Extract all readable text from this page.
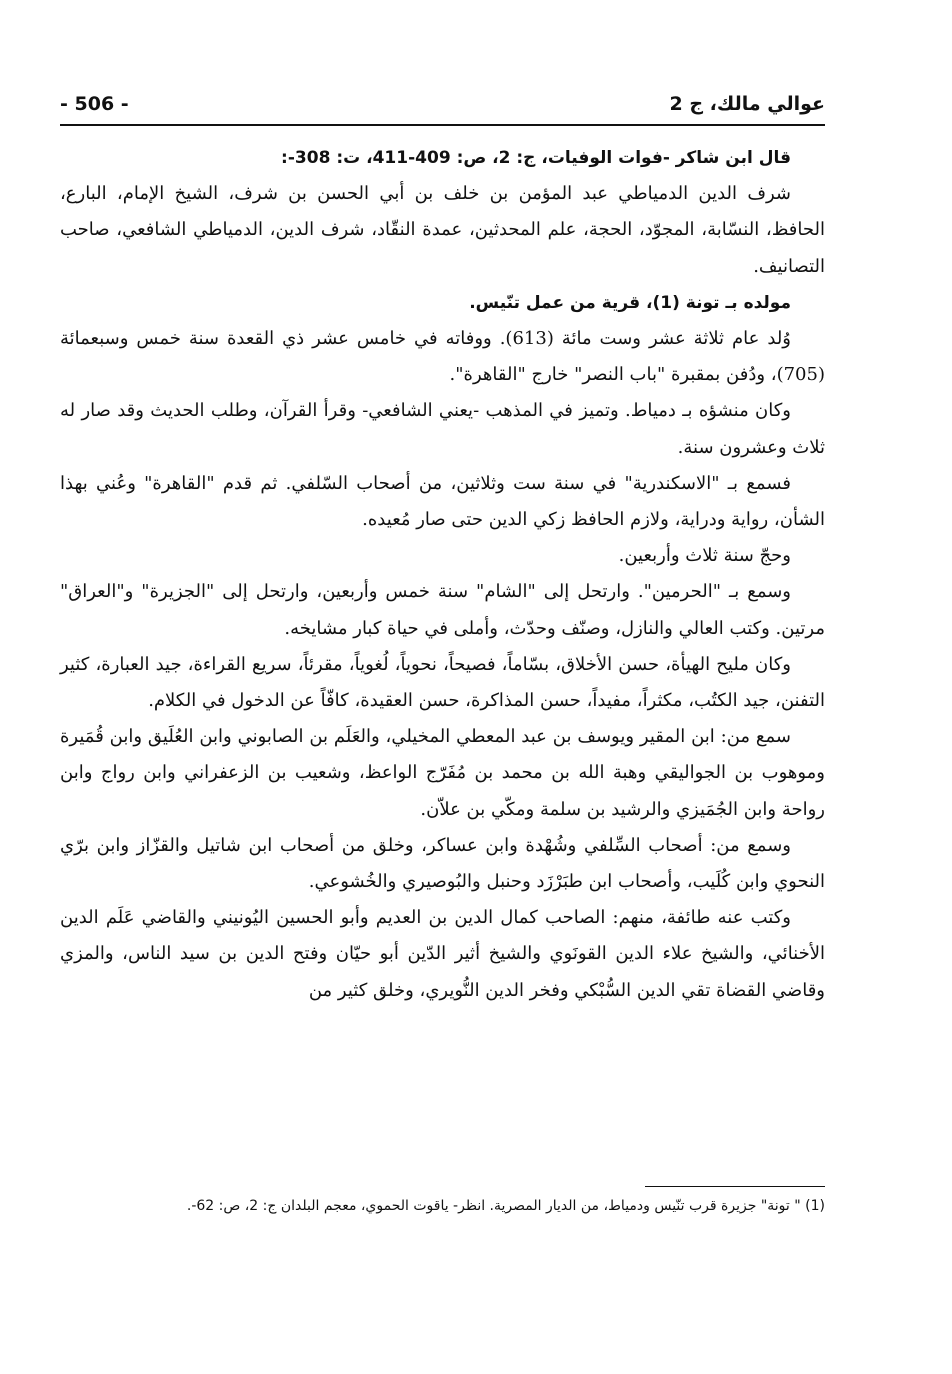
عوالي مالك، ج 2
- 506 -

قال ابن شاكر -فوات الوفيات، ج: 2، ص: 409-411، ت: 308-:

شرف الدين الدمياطي عبد المؤمن بن خلف بن أبي الحسن بن شرف، الشيخ الإمام، البارع، الحافظ، النسّابة، المجوّد، الحجة، علم المحدثين، عمدة النقّاد، شرف الدين، الدمياطي الشافعي، صاحب التصانيف.

مولده بـ تونة (1)، قرية من عمل تنّيس.

وُلد عام ثلاثة عشر وست مائة (613). ووفاته في خامس عشر ذي القعدة سنة خمس وسبعمائة (705)، ودُفن بمقبرة "باب النصر" خارج "القاهرة".

وكان منشؤه بـ دمياط. وتميز في المذهب -يعني الشافعي- وقرأ القرآن، وطلب الحديث وقد صار له ثلاث وعشرون سنة.

فسمع بـ "الاسكندرية" في سنة ست وثلاثين، من أصحاب السّلفي. ثم قدم "القاهرة" وعُني بهذا الشأن، رواية ودراية، ولازم الحافظ زكي الدين حتى صار مُعيده.

وحجّ سنة ثلاث وأربعين.

وسمع بـ "الحرمين". وارتحل إلى "الشام" سنة خمس وأربعين، وارتحل إلى "الجزيرة" و"العراق" مرتين. وكتب العالي والنازل، وصنّف وحدّث، وأملى في حياة كبار مشايخه.

وكان مليح الهيأة، حسن الأخلاق، بسّاماً، فصيحاً، نحوياً، لُغوياً، مقرئاً، سريع القراءة، جيد العبارة، كثير التفنن، جيد الكتُب، مكثراً، مفيداً، حسن المذاكرة، حسن العقيدة، كافّاً عن الدخول في الكلام.

سمع من: ابن المقير ويوسف بن عبد المعطي المخيلي، والعَلَم بن الصابوني وابن العُلَيق وابن قُمَيرة وموهوب بن الجواليقي وهبة الله بن محمد بن مُفَرّج الواعظ، وشعيب بن الزعفراني وابن رواج وابن رواحة وابن الجُمَيزي والرشيد بن سلمة ومكّي بن علاّن.

وسمع من: أصحاب السِّلفي وشُهْدة وابن عساكر، وخلق من أصحاب ابن شاتيل والقزّاز وابن برّي النحوي وابن كُلَيب، وأصحاب ابن طبَرْزَد وحنبل والبُوصيري والخُشوعي.

وكتب عنه طائفة، منهم: الصاحب كمال الدين بن العديم وأبو الحسين اليُونيني والقاضي عَلَم الدين الأخنائي، والشيخ علاء الدين القونَوي والشيخ أثير الدّين أبو حيّان وفتح الدين بن سيد الناس، والمزي وقاضي القضاة تقي الدين السُّبْكي وفخر الدين النُّويري، وخلق كثير من

(1) " تونة" جزيرة قرب تنّيس ودمياط، من الديار المصرية. انظر- ياقوت الحموي، معجم البلدان ج: 2، ص: 62-.
